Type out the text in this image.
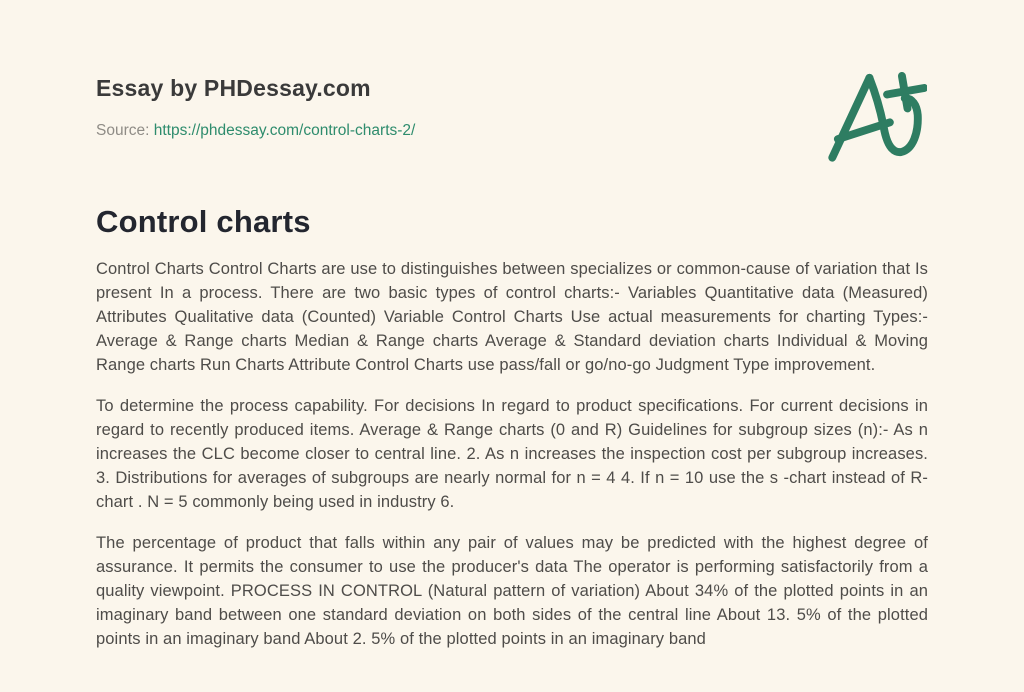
Essay by PHDessay.com
Source: https://phdessay.com/control-charts-2/
Control charts

Control Charts Control Charts are use to distinguishes between specializes or common-cause of variation that Is present In a process. There are two basic types of control charts:- Variables Quantitative data (Measured) Attributes Qualitative data (Counted) Variable Control Charts Use actual measurements for charting Types:- Average & Range charts Median & Range charts Average & Standard deviation charts Individual & Moving Range charts Run Charts Attribute Control Charts use pass/fall or go/no-go Judgment Type improvement.

To determine the process capability. For decisions In regard to product specifications. For current decisions in regard to recently produced items. Average & Range charts (0 and R) Guidelines for subgroup sizes (n):- As n increases the CLC become closer to central line. 2. As n increases the inspection cost per subgroup increases. 3. Distributions for averages of subgroups are nearly normal for n = 4 4. If n = 10 use the s -chart instead of R-chart . N = 5 commonly being used in industry 6.

The percentage of product that falls within any pair of values may be predicted with the highest degree of assurance. It permits the consumer to use the producer's data The operator is performing satisfactorily from a quality viewpoint. PROCESS IN CONTROL (Natural pattern of variation) About 34% of the plotted points in an imaginary band between one standard deviation on both sides of the central line About 13. 5% of the plotted points in an imaginary band About 2. 5% of the plotted points in an imaginary band
